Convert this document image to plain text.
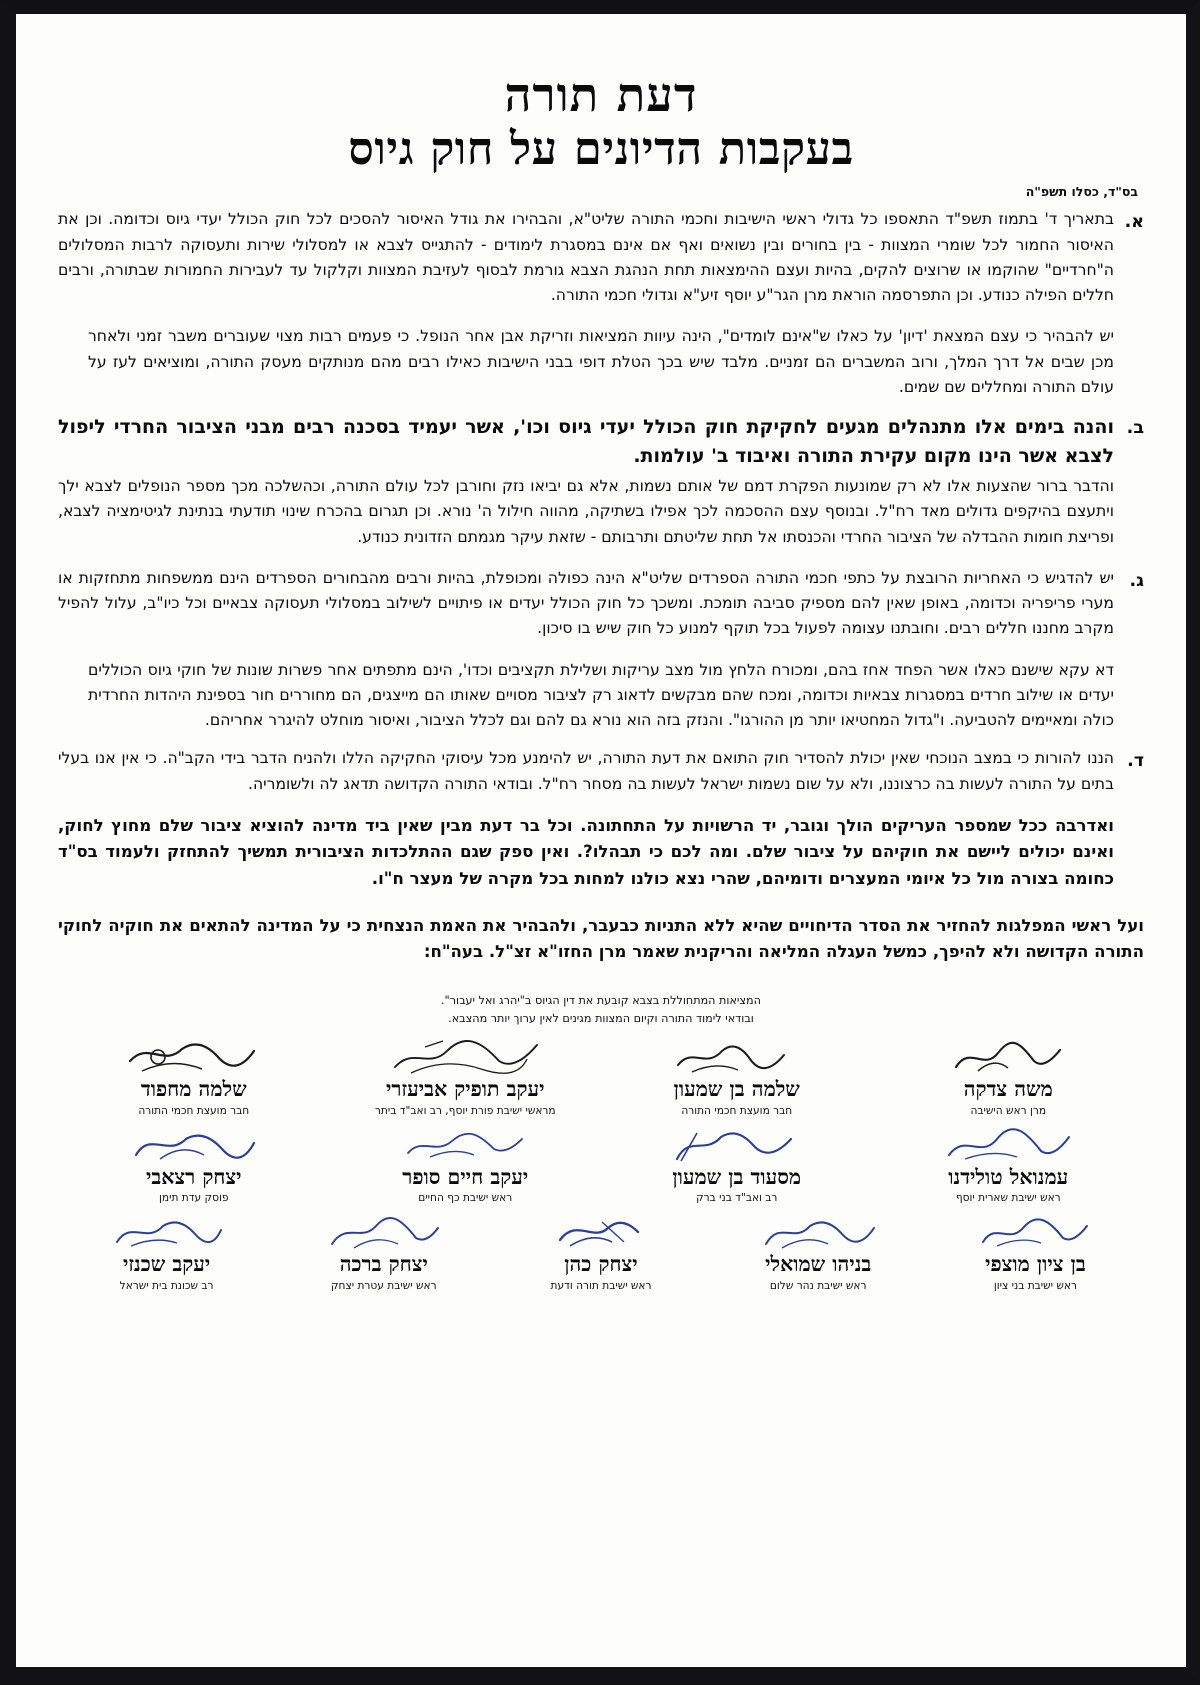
דעת תורה
בעקבות הדיונים על חוק גיוס
בס"ד, כסלו תשפ"ה
א.

בתאריך ד' בתמוז תשפ"ד התאספו כל גדולי ראשי הישיבות וחכמי התורה שליט"א, והבהירו את גודל האיסור להסכים לכל חוק הכולל יעדי גיוס וכדומה. וכן את האיסור החמור לכל שומרי המצוות - בין בחורים ובין נשואים ואף אם אינם במסגרת לימודים - להתגייס לצבא או למסלולי שירות ותעסוקה לרבות המסלולים ה"חרדיים" שהוקמו או שרוצים להקים, בהיות ועצם ההימצאות תחת הנהגת הצבא גורמת לבסוף לעזיבת המצוות וקלקול עד לעבירות החמורות שבתורה, ורבים חללים הפילה כנודע. וכן התפרסמה הוראת מרן הגר"ע יוסף זיע"א וגדולי חכמי התורה.

יש להבהיר כי עצם המצאת 'דיון' על כאלו ש"אינם לומדים", הינה עיוות המציאות וזריקת אבן אחר הנופל. כי פעמים רבות מצוי שעוברים משבר זמני ולאחר מכן שבים אל דרך המלך, ורוב המשברים הם זמניים. מלבד שיש בכך הטלת דופי בבני הישיבות כאילו רבים מהם מנותקים מעסק התורה, ומוציאים לעז על עולם התורה ומחללים שם שמים.

ב.

והנה בימים אלו מתנהלים מגעים לחקיקת חוק הכולל יעדי גיוס וכו', אשר יעמיד בסכנה רבים מבני הציבור החרדי ליפול לצבא אשר הינו מקום עקירת התורה ואיבוד ב' עולמות.

והדבר ברור שהצעות אלו לא רק שמונעות הפקרת דמם של אותם נשמות, אלא גם יביאו נזק וחורבן לכל עולם התורה, וכהשלכה מכך מספר הנופלים לצבא ילך ויתעצם בהיקפים גדולים מאד רח"ל. ובנוסף עצם ההסכמה לכך אפילו בשתיקה, מהווה חילול ה' נורא. וכן תגרום בהכרח שינוי תודעתי בנתינת לגיטימציה לצבא, ופריצת חומות ההבדלה של הציבור החרדי והכנסתו אל תחת שליטתם ותרבותם - שזאת עיקר מגמתם הזדונית כנודע.

ג.

יש להדגיש כי האחריות הרובצת על כתפי חכמי התורה הספרדים שליט"א הינה כפולה ומכופלת, בהיות ורבים מהבחורים הספרדים הינם ממשפחות מתחזקות או מערי פריפריה וכדומה, באופן שאין להם מספיק סביבה תומכת. ומשכך כל חוק הכולל יעדים או פיתויים לשילוב במסלולי תעסוקה צבאיים וכל כיו"ב, עלול להפיל מקרב מחננו חללים רבים. וחובתנו עצומה לפעול בכל תוקף למנוע כל חוק שיש בו סיכון.

דא עקא שישנם כאלו אשר הפחד אחז בהם, ומכורח הלחץ מול מצב עריקות ושלילת תקציבים וכדו', הינם מתפתים אחר פשרות שונות של חוקי גיוס הכוללים יעדים או שילוב חרדים במסגרות צבאיות וכדומה, ומכח שהם מבקשים לדאוג רק לציבור מסויים שאותו הם מייצגים, הם מחוררים חור בספינת היהדות החרדית כולה ומאיימים להטביעה. ו"גדול המחטיאו יותר מן ההורגו". והנזק בזה הוא נורא גם להם וגם לכלל הציבור, ואיסור מוחלט להיגרר אחריהם.

ד.

הננו להורות כי במצב הנוכחי שאין יכולת להסדיר חוק התואם את דעת התורה, יש להימנע מכל עיסוקי החקיקה הללו ולהניח הדבר בידי הקב"ה. כי אין אנו בעלי בתים על התורה לעשות בה כרצוננו, ולא על שום נשמות ישראל לעשות בה מסחר רח"ל. ובודאי התורה הקדושה תדאג לה ולשומריה.

ואדרבה ככל שמספר העריקים הולך וגובר, יד הרשויות על התחתונה. וכל בר דעת מבין שאין ביד מדינה להוציא ציבור שלם מחוץ לחוק, ואינם יכולים ליישם את חוקיהם על ציבור שלם. ומה לכם כי תבהלו?. ואין ספק שגם ההתלכדות הציבורית תמשיך להתחזק ולעמוד בס"ד כחומה בצורה מול כל איומי המעצרים ודומיהם, שהרי נצא כולנו למחות בכל מקרה של מעצר ח"ו.

ועל ראשי המפלגות להחזיר את הסדר הדיחויים שהיא ללא התניות כבעבר, ולהבהיר את האמת הנצחית כי על המדינה להתאים את חוקיה לחוקי התורה הקדושה ולא להיפך, כמשל העגלה המליאה והריקנית שאמר מרן החזו"א זצ"ל. בעה"ח:

המציאות המתחוללת בצבא קובעת את דין הגיוס ב"יהרג ואל יעבור".
ובודאי לימוד התורה וקיום המצוות מגינים לאין ערוך יותר מהצבא.
משה צדקה
מרן ראש הישיבה
שלמה בן שמעון
חבר מועצת חכמי התורה
יעקב תופיק אביעזרי
מראשי ישיבת פורת יוסף, רב ואב"ד ביתר
שלמה מחפוד
חבר מועצת חכמי התורה
עמנואל טולידנו
ראש ישיבת שארית יוסף
מסעוד בן שמעון
רב ואב"ד בני ברק
יעקב חיים סופר
ראש ישיבת כף החיים
יצחק רצאבי
פוסק עדת תימן
בן ציון מוצפי
ראש ישיבת בני ציון
בניהו שמואלי
ראש ישיבת נהר שלום
יצחק כהן
ראש ישיבת תורה ודעת
יצחק ברכה
ראש ישיבת עטרת יצחק
יעקב שכנזי
רב שכונת בית ישראל
